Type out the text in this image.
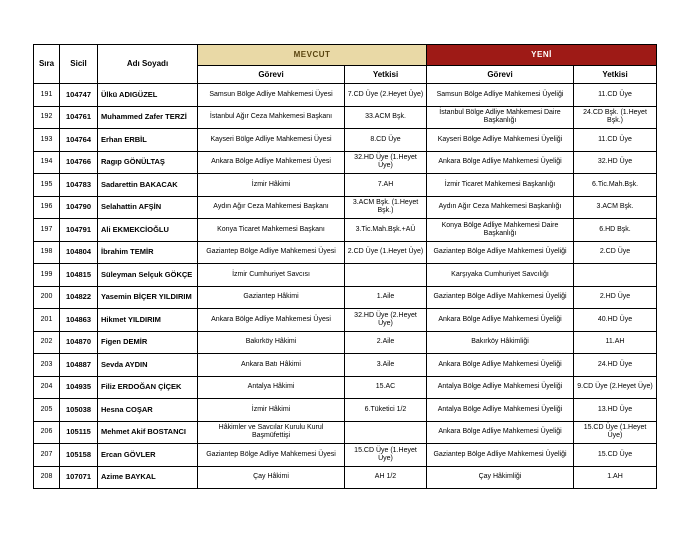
Sıra	Sicil	Adı Soyadı	MEVCUT		YENİ	
			Görevi	Yetkisi	Görevi	Yetkisi
191	104747	Ülkü ADIGÜZEL	Samsun Bölge Adliye Mahkemesi Üyesi	7.CD Üye (2.Heyet Üye)	Samsun Bölge Adliye Mahkemesi Üyeliği	11.CD Üye
192	104761	Muhammed Zafer TERZİ	İstanbul Ağır Ceza Mahkemesi Başkanı	33.ACM Bşk.	İstanbul Bölge Adliye Mahkemesi Daire Başkanlığı	24.CD Bşk. (1.Heyet Bşk.)
193	104764	Erhan ERBİL	Kayseri Bölge Adliye Mahkemesi Üyesi	8.CD Üye	Kayseri Bölge Adliye Mahkemesi Üyeliği	11.CD Üye
194	104766	Ragıp GÖNÜLTAŞ	Ankara Bölge Adliye Mahkemesi Üyesi	32.HD Üye (1.Heyet Üye)	Ankara Bölge Adliye Mahkemesi Üyeliği	32.HD Üye
195	104783	Sadarettin BAKACAK	İzmir Hâkimi	7.AH	İzmir Ticaret Mahkemesi Başkanlığı	6.Tic.Mah.Bşk.
196	104790	Selahattin AFŞİN	Aydın Ağır Ceza Mahkemesi Başkanı	3.ACM Bşk. (1.Heyet Bşk.)	Aydın Ağır Ceza Mahkemesi Başkanlığı	3.ACM Bşk.
197	104791	Ali EKMEKCİOĞLU	Konya Ticaret Mahkemesi Başkanı	3.Tic.Mah.Bşk.+AÜ	Konya Bölge Adliye Mahkemesi Daire Başkanlığı	6.HD Bşk.
198	104804	İbrahim TEMİR	Gaziantep Bölge Adliye Mahkemesi Üyesi	2.CD Üye (1.Heyet Üye)	Gaziantep Bölge Adliye Mahkemesi Üyeliği	2.CD Üye
199	104815	Süleyman Selçuk GÖKÇE	İzmir Cumhuriyet Savcısı		Karşıyaka Cumhuriyet Savcılığı	
200	104822	Yasemin BİÇER YILDIRIM	Gaziantep Hâkimi	1.Aile	Gaziantep Bölge Adliye Mahkemesi Üyeliği	2.HD Üye
201	104863	Hikmet YILDIRIM	Ankara Bölge Adliye Mahkemesi Üyesi	32.HD Üye (2.Heyet Üye)	Ankara Bölge Adliye Mahkemesi Üyeliği	40.HD Üye
202	104870	Figen DEMİR	Bakırköy Hâkimi	2.Aile	Bakırköy Hâkimliği	11.AH
203	104887	Sevda AYDIN	Ankara Batı Hâkimi	3.Aile	Ankara Bölge Adliye Mahkemesi Üyeliği	24.HD Üye
204	104935	Filiz ERDOĞAN ÇİÇEK	Antalya Hâkimi	15.AC	Antalya Bölge Adliye Mahkemesi Üyeliği	9.CD Üye (2.Heyet Üye)
205	105038	Hesna COŞAR	İzmir Hâkimi	6.Tüketici 1/2	Antalya Bölge Adliye Mahkemesi Üyeliği	13.HD Üye
206	105115	Mehmet Akif BOSTANCI	Hâkimler ve Savcılar Kurulu Kurul Başmüfettişi		Ankara Bölge Adliye Mahkemesi Üyeliği	15.CD Üye (1.Heyet Üye)
207	105158	Ercan GÖVLER	Gaziantep Bölge Adliye Mahkemesi Üyesi	15.CD Üye (1.Heyet Üye)	Gaziantep Bölge Adliye Mahkemesi Üyeliği	15.CD Üye
208	107071	Azime BAYKAL	Çay Hâkimi	AH 1/2	Çay Hâkimliği	1.AH
